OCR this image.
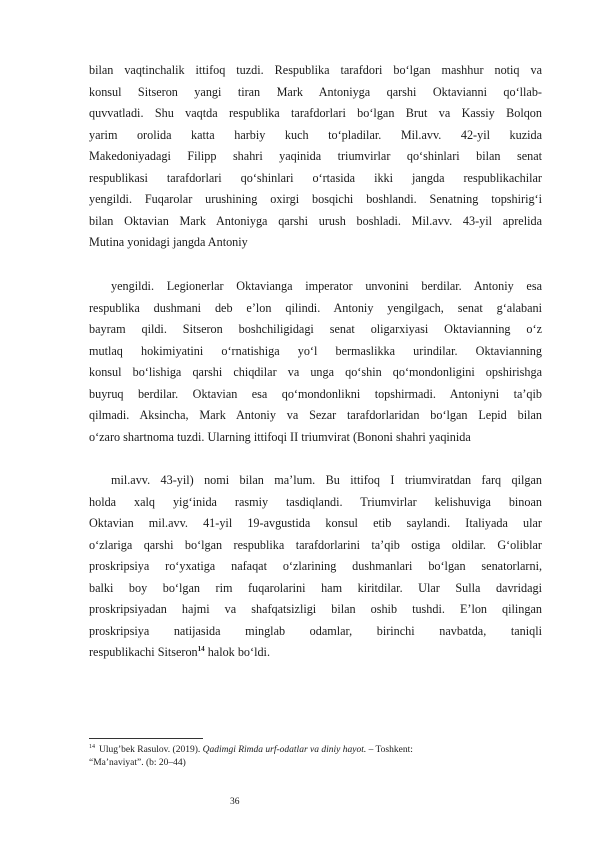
bilan vaqtinchalik ittifoq tuzdi. Respublika tarafdori bo‘lgan mashhur notiq va
konsul Sitseron yangi tiran Mark Antoniyga qarshi Oktavianni qo‘llab-
quvvatladi. Shu vaqtda respublika tarafdorlari bo‘lgan Brut va Kassiy Bolqon
yarim orolida katta harbiy kuch to‘pladilar. Mil.avv. 42-yil kuzida
Makedoniyadagi Filipp shahri yaqinida triumvirlar qo‘shinlari bilan senat
respublikasi tarafdorlari qo‘shinlari o‘rtasida ikki jangda respublikachilar
yengildi. Fuqarolar urushining oxirgi bosqichi boshlandi. Senatning topshirig‘i
bilan Oktavian Mark Antoniyga qarshi urush boshladi. Mil.avv. 43-yil aprelida
Mutina yonidagi jangda Antoniy
yengildi. Legionerlar Oktavianga imperator unvonini berdilar. Antoniy esa
respublika dushmani deb e’lon qilindi. Antoniy yengilgach, senat g‘alabani
bayram qildi. Sitseron boshchiligidagi senat oligarxiyasi Oktavianning o‘z
mutlaq hokimiyatini o‘rnatishiga yo‘l bermaslikka urindilar. Oktavianning
konsul bo‘lishiga qarshi chiqdilar va unga qo‘shin qo‘mondonligini opshirishga
buyruq berdilar. Oktavian esa qo‘mondonlikni topshirmadi. Antoniyni ta’qib
qilmadi. Aksincha, Mark Antoniy va Sezar tarafdorlaridan bo‘lgan Lepid bilan
o‘zaro shartnoma tuzdi. Ularning ittifoqi II triumvirat (Bononi shahri yaqinida
mil.avv. 43-yil) nomi bilan ma’lum. Bu ittifoq I triumviratdan farq qilgan
holda xalq yig‘inida rasmiy tasdiqlandi. Triumvirlar kelishuviga binoan
Oktavian mil.avv. 41-yil 19-avgustida konsul etib saylandi. Italiyada ular
o‘zlariga qarshi bo‘lgan respublika tarafdorlarini ta’qib ostiga oldilar. G‘oliblar
proskripsiya ro‘yxatiga nafaqat o‘zlarining dushmanlari bo‘lgan senatorlarni,
balki boy bo‘lgan rim fuqarolarini ham kiritdilar. Ular Sulla davridagi
proskripsiyadan hajmi va shafqatsizligi bilan oshib tushdi. E’lon qilingan
proskripsiya natijasida minglab odamlar, birinchi navbatda, taniqli
respublikachi Sitseron$^{14}$ halok bo‘ldi.
$^{14}$ Ulug’bek Rasulov. (2019). Qadimgi Rimda urf-odatlar va diniy hayot. – Toshkent:
“Ma’naviyat”. (b: 20–44)
36
